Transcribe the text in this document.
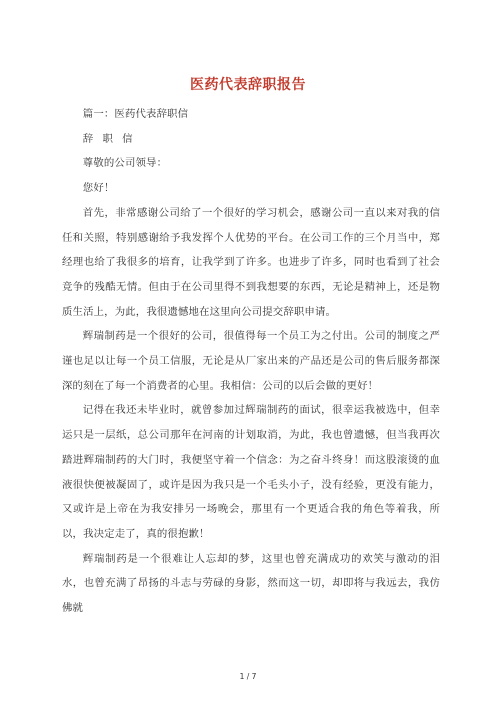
医药代表辞职报告

篇一：医药代表辞职信

辞 职 信

尊敬的公司领导：

您好！

首先，非常感谢公司给了一个很好的学习机会，感谢公司一直以来对我的信任和关照，特别感谢给予我发挥个人优势的平台。在公司工作的三个月当中，郑经理也给了我很多的培育，让我学到了许多。也进步了许多，同时也看到了社会竞争的残酷无情。但由于在公司里得不到我想要的东西，无论是精神上，还是物质生活上，为此，我很遗憾地在这里向公司提交辞职申请。

辉瑞制药是一个很好的公司，很值得每一个员工为之付出。公司的制度之严谨也足以让每一个员工信服，无论是从厂家出来的产品还是公司的售后服务都深深的刻在了每一个消费者的心里。我相信：公司的以后会做的更好！

记得在我还未毕业时，就曾参加过辉瑞制药的面试，很幸运我被选中，但幸运只是一层纸，总公司那年在河南的计划取消，为此，我也曾遗憾，但当我再次踏进辉瑞制药的大门时，我便坚守着一个信念：为之奋斗终身！而这股滚烫的血液很快便被凝固了，或许是因为我只是一个毛头小子，没有经验，更没有能力，又或许是上帝在为我安排另一场晚会，那里有一个更适合我的角色等着我，所以，我决定走了，真的很抱歉！

辉瑞制药是一个很难让人忘却的梦，这里也曾充满成功的欢笑与激动的泪水，也曾充满了昂扬的斗志与劳碌的身影，然而这一切，却即将与我远去，我仿佛就

1 / 7
